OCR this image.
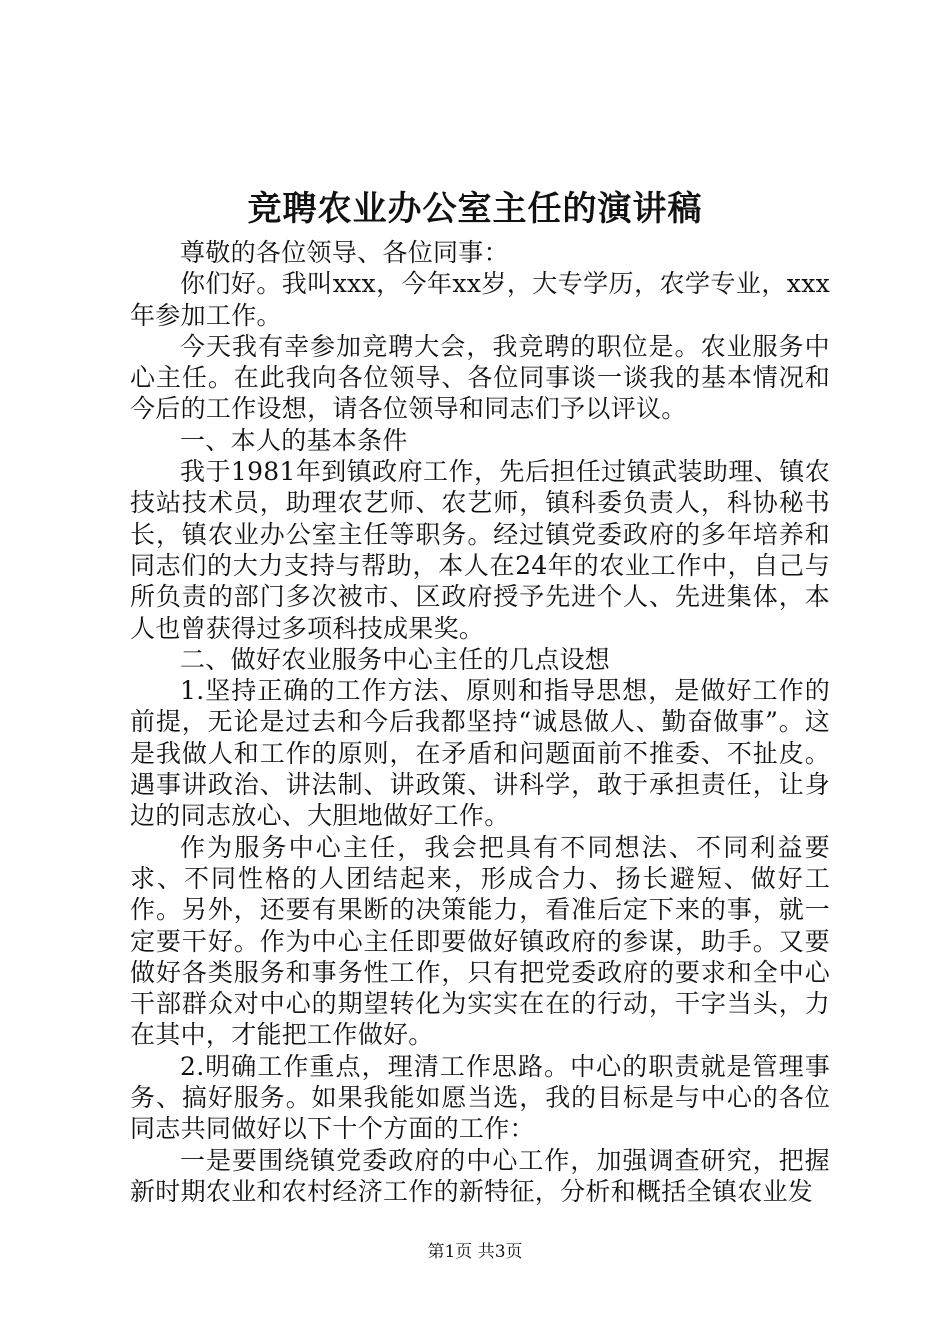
竞聘农业办公室主任的演讲稿

尊敬的各位领导、各位同事：

你们好。我叫xxx，今年xx岁，大专学历，农学专业，xxx年参加工作。

今天我有幸参加竞聘大会，我竞聘的职位是。农业服务中心主任。在此我向各位领导、各位同事谈一谈我的基本情况和今后的工作设想，请各位领导和同志们予以评议。

一、本人的基本条件

我于1981年到镇政府工作，先后担任过镇武装助理、镇农技站技术员，助理农艺师、农艺师，镇科委负责人，科协秘书长，镇农业办公室主任等职务。经过镇党委政府的多年培养和同志们的大力支持与帮助，本人在24年的农业工作中，自己与所负责的部门多次被市、区政府授予先进个人、先进集体，本人也曾获得过多项科技成果奖。

二、做好农业服务中心主任的几点设想

1.坚持正确的工作方法、原则和指导思想，是做好工作的前提，无论是过去和今后我都坚持“诚恳做人、勤奋做事”。这是我做人和工作的原则，在矛盾和问题面前不推委、不扯皮。遇事讲政治、讲法制、讲政策、讲科学，敢于承担责任，让身边的同志放心、大胆地做好工作。

作为服务中心主任，我会把具有不同想法、不同利益要求、不同性格的人团结起来，形成合力、扬长避短、做好工作。另外，还要有果断的决策能力，看准后定下来的事，就一定要干好。作为中心主任即要做好镇政府的参谋，助手。又要做好各类服务和事务性工作，只有把党委政府的要求和全中心干部群众对中心的期望转化为实实在在的行动，干字当头，力在其中，才能把工作做好。

2.明确工作重点，理清工作思路。中心的职责就是管理事务、搞好服务。如果我能如愿当选，我的目标是与中心的各位同志共同做好以下十个方面的工作：

一是要围绕镇党委政府的中心工作，加强调查研究，把握新时期农业和农村经济工作的新特征，分析和概括全镇农业发

第1页 共3页
